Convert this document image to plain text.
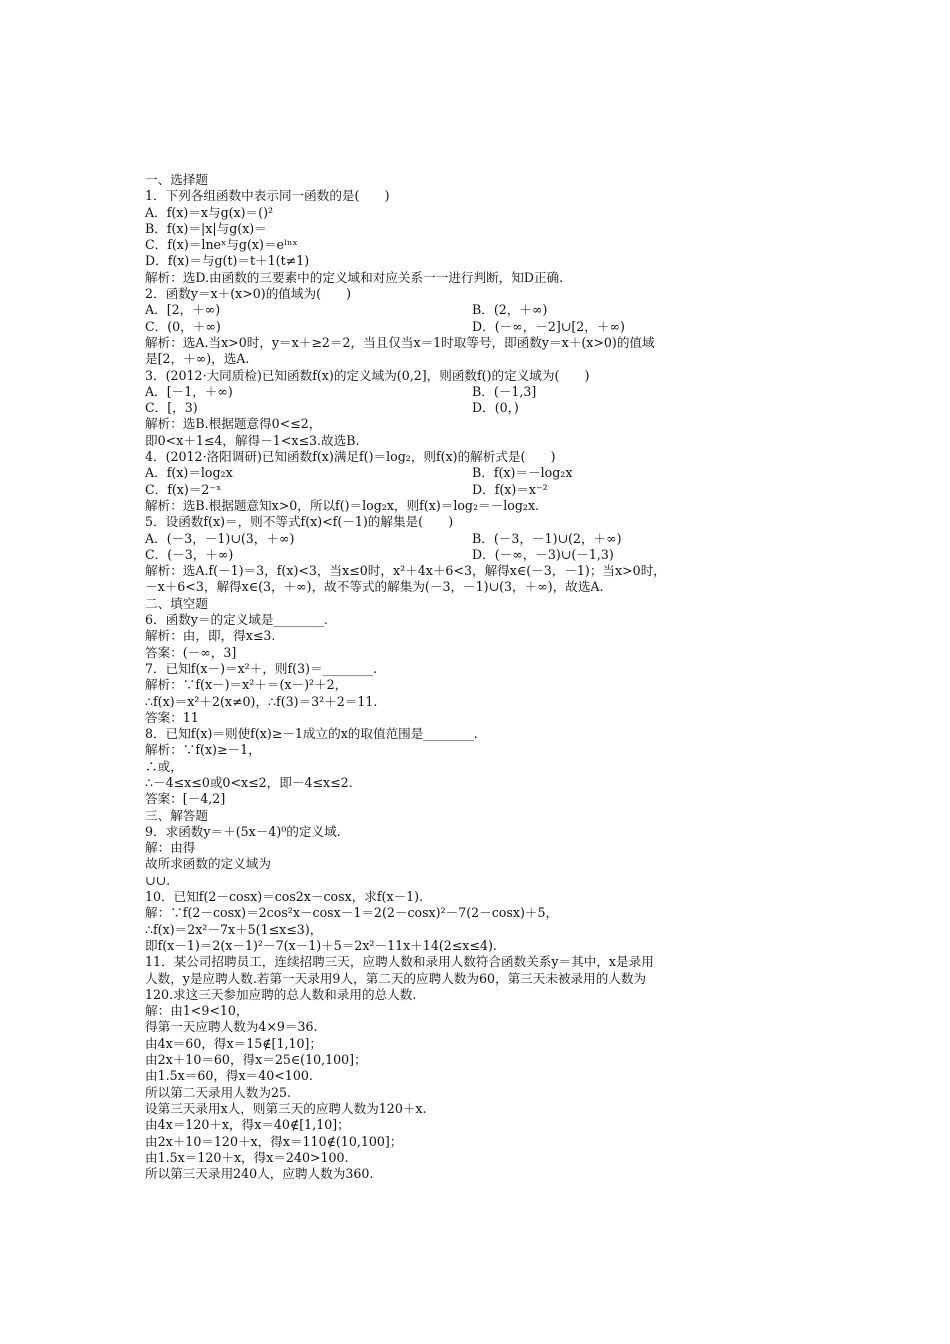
一、选择题
1．下列各组函数中表示同一函数的是(　　)
A．f(x)＝x与g(x)＝()²
B．f(x)＝|x|与g(x)＝
C．f(x)＝lneˣ与g(x)＝eˡⁿˣ
D．f(x)＝与g(t)＝t＋1(t≠1)
解析：选D.由函数的三要素中的定义域和对应关系一一进行判断，知D正确.
2．函数y＝x＋(x>0)的值域为(　　)
A．[2，＋∞)	B．(2，＋∞)
C．(0，＋∞)	D．(－∞，－2]∪[2，＋∞)
解析：选A.当x>0时，y＝x＋≥2＝2，当且仅当x＝1时取等号，即函数y＝x＋(x>0)的值域
是[2，＋∞)，选A.
3．(2012·大同质检)已知函数f(x)的定义域为(0,2]，则函数f()的定义域为(　　)
A．[－1，＋∞)	B．(－1,3]
C．[，3)	D．(0，)
解析：选B.根据题意得0<≤2，
即0<x＋1≤4，解得－1<x≤3.故选B.
4．(2012·洛阳调研)已知函数f(x)满足f()＝log₂，则f(x)的解析式是(　　)
A．f(x)＝log₂x	B．f(x)＝－log₂x
C．f(x)＝2⁻ˣ	D．f(x)＝x⁻²
解析：选B.根据题意知x>0，所以f()＝log₂x，则f(x)＝log₂＝－log₂x.
5．设函数f(x)＝，则不等式f(x)<f(－1)的解集是(　　)
A．(－3，－1)∪(3，＋∞)	B．(－3，－1)∪(2，＋∞)
C．(－3，＋∞)	D．(－∞，－3)∪(－1,3)
解析：选A.f(－1)＝3，f(x)<3，当x≤0时，x²＋4x＋6<3，解得x∈(－3，－1)；当x>0时，
－x＋6<3，解得x∈(3，＋∞)，故不等式的解集为(－3，－1)∪(3，＋∞)，故选A.
二、填空题
6．函数y＝的定义域是________.
解析：由，即，得x≤3.
答案：(－∞，3]
7．已知f(x－)＝x²＋，则f(3)＝________.
解析：∵f(x－)＝x²＋＝(x－)²＋2，
∴f(x)＝x²＋2(x≠0)，∴f(3)＝3²＋2＝11.
答案：11
8．已知f(x)＝则使f(x)≥－1成立的x的取值范围是________.
解析：∵f(x)≥－1，
∴或，
∴－4≤x≤0或0<x≤2，即－4≤x≤2.
答案：[－4,2]
三、解答题
9．求函数y＝＋(5x－4)⁰的定义域.
解：由得
故所求函数的定义域为
∪∪.
10．已知f(2－cosx)＝cos2x－cosx，求f(x－1).
解：∵f(2－cosx)＝2cos²x－cosx－1＝2(2－cosx)²－7(2－cosx)＋5，
∴f(x)＝2x²－7x＋5(1≤x≤3)，
即f(x－1)＝2(x－1)²－7(x－1)＋5＝2x²－11x＋14(2≤x≤4).
11．某公司招聘员工，连续招聘三天，应聘人数和录用人数符合函数关系y＝其中，x是录用
人数，y是应聘人数.若第一天录用9人，第二天的应聘人数为60，第三天未被录用的人数为
120.求这三天参加应聘的总人数和录用的总人数.
解：由1<9<10，
得第一天应聘人数为4×9＝36.
由4x＝60，得x＝15∉[1,10]；
由2x＋10＝60，得x＝25∈(10,100]；
由1.5x＝60，得x＝40<100.
所以第二天录用人数为25.
设第三天录用x人，则第三天的应聘人数为120＋x.
由4x＝120＋x，得x＝40∉[1,10]；
由2x＋10＝120＋x，得x＝110∉(10,100]；
由1.5x＝120＋x，得x＝240>100.
所以第三天录用240人，应聘人数为360.
